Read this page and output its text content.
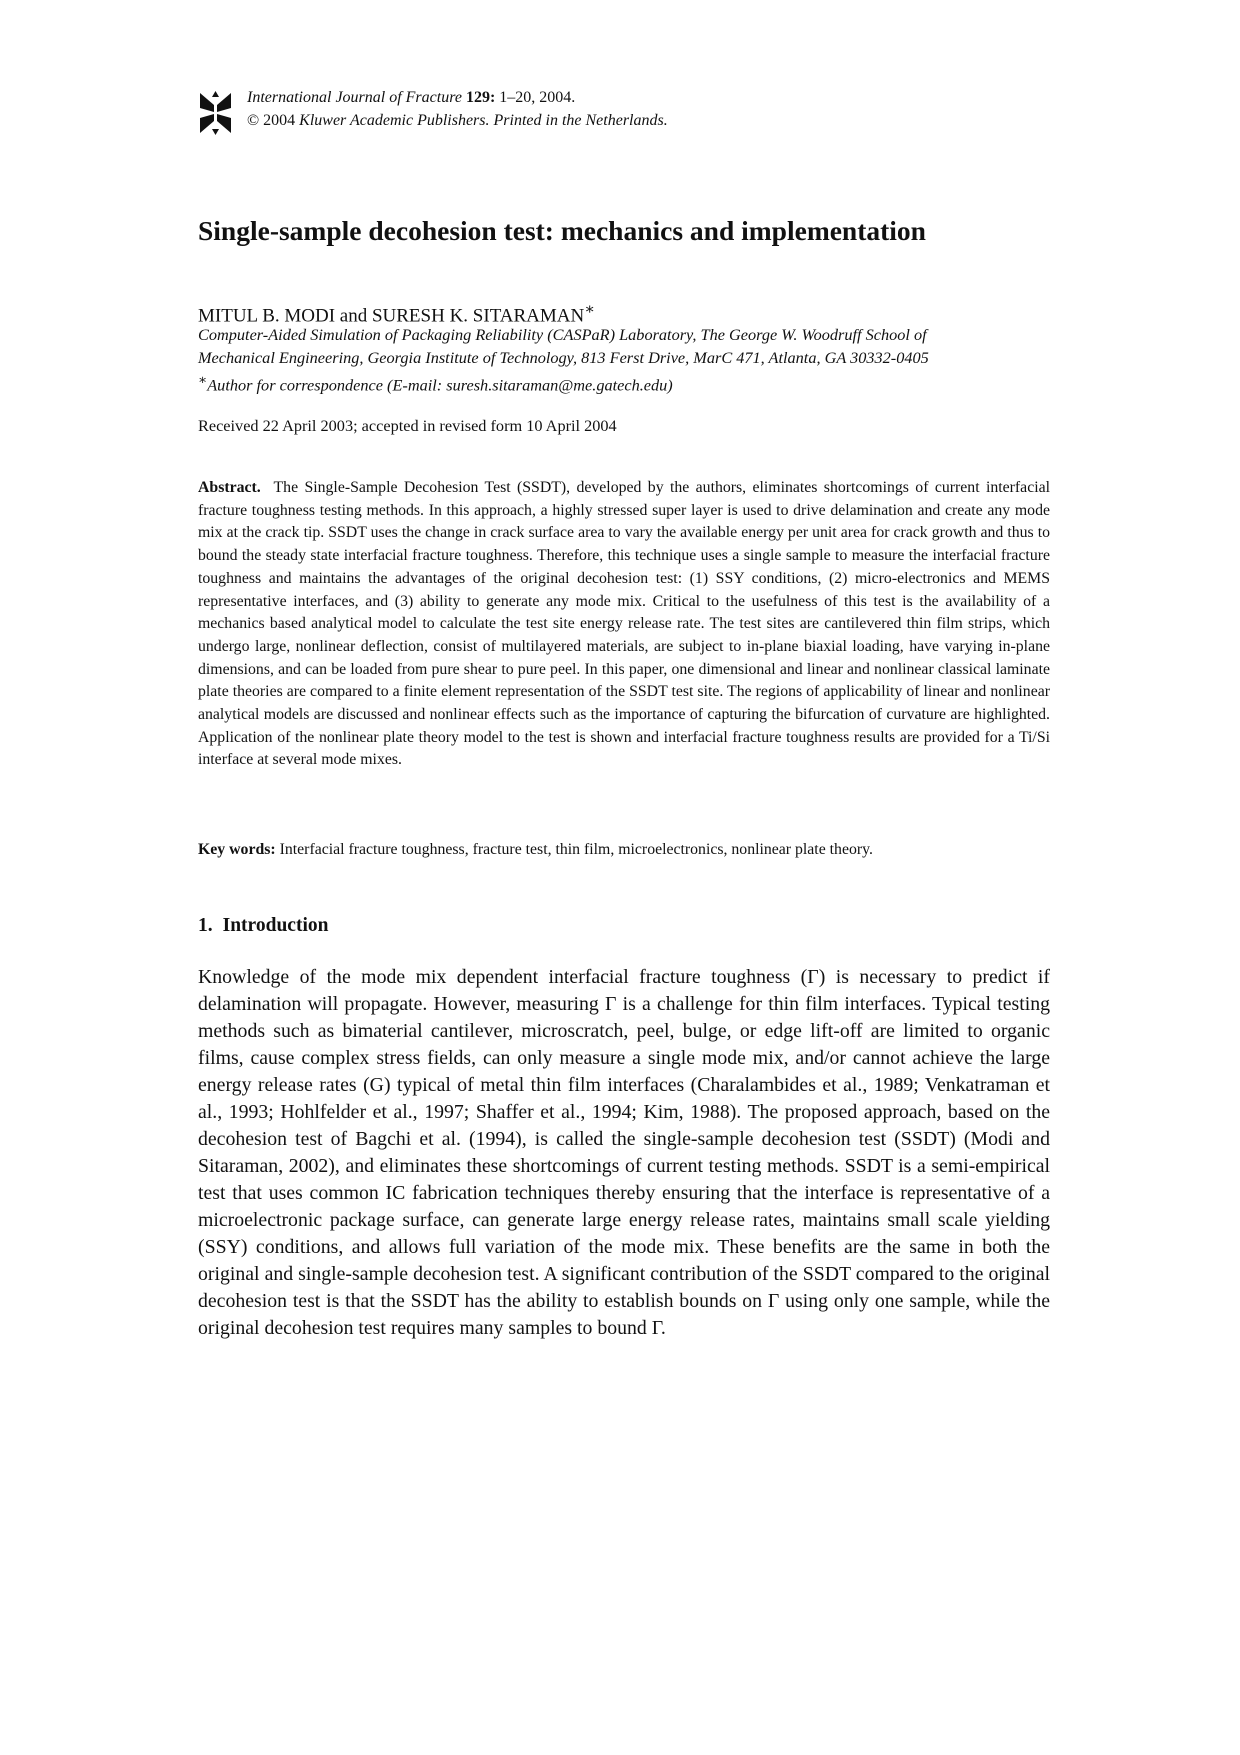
International Journal of Fracture 129: 1–20, 2004.
© 2004 Kluwer Academic Publishers. Printed in the Netherlands.
Single-sample decohesion test: mechanics and implementation
MITUL B. MODI and SURESH K. SITARAMAN∗
Computer-Aided Simulation of Packaging Reliability (CASPaR) Laboratory, The George W. Woodruff School of
Mechanical Engineering, Georgia Institute of Technology, 813 Ferst Drive, MarC 471, Atlanta, GA 30332-0405
∗Author for correspondence (E-mail: suresh.sitaraman@me.gatech.edu)
Received 22 April 2003; accepted in revised form 10 April 2004

Abstract. The Single-Sample Decohesion Test (SSDT), developed by the authors, eliminates shortcomings of current interfacial fracture toughness testing methods. In this approach, a highly stressed super layer is used to drive delamination and create any mode mix at the crack tip. SSDT uses the change in crack surface area to vary the available energy per unit area for crack growth and thus to bound the steady state interfacial fracture toughness. Therefore, this technique uses a single sample to measure the interfacial fracture toughness and maintains the advantages of the original decohesion test: (1) SSY conditions, (2) micro-electronics and MEMS representative interfaces, and (3) ability to generate any mode mix. Critical to the usefulness of this test is the availability of a mechanics based analytical model to calculate the test site energy release rate. The test sites are cantilevered thin film strips, which undergo large, nonlinear deflection, consist of multilayered materials, are subject to in-plane biaxial loading, have varying in-plane dimensions, and can be loaded from pure shear to pure peel. In this paper, one dimensional and linear and nonlinear classical laminate plate theories are compared to a finite element representation of the SSDT test site. The regions of applicability of linear and nonlinear analytical models are discussed and nonlinear effects such as the importance of capturing the bifurcation of curvature are highlighted. Application of the nonlinear plate theory model to the test is shown and interfacial fracture toughness results are provided for a Ti/Si interface at several mode mixes.

Key words: Interfacial fracture toughness, fracture test, thin film, microelectronics, nonlinear plate theory.

1. Introduction

Knowledge of the mode mix dependent interfacial fracture toughness (Γ) is necessary to predict if delamination will propagate. However, measuring Γ is a challenge for thin film interfaces. Typical testing methods such as bimaterial cantilever, microscratch, peel, bulge, or edge lift-off are limited to organic films, cause complex stress fields, can only measure a single mode mix, and/or cannot achieve the large energy release rates (G) typical of metal thin film interfaces (Charalambides et al., 1989; Venkatraman et al., 1993; Hohlfelder et al., 1997; Shaffer et al., 1994; Kim, 1988). The proposed approach, based on the decohesion test of Bagchi et al. (1994), is called the single-sample decohesion test (SSDT) (Modi and Sitaraman, 2002), and eliminates these shortcomings of current testing methods. SSDT is a semi-empirical test that uses common IC fabrication techniques thereby ensuring that the interface is representative of a microelectronic package surface, can generate large energy release rates, maintains small scale yielding (SSY) conditions, and allows full variation of the mode mix. These benefits are the same in both the original and single-sample decohesion test. A significant contribution of the SSDT compared to the original decohesion test is that the SSDT has the ability to establish bounds on Γ using only one sample, while the original decohesion test requires many samples to bound Γ.
